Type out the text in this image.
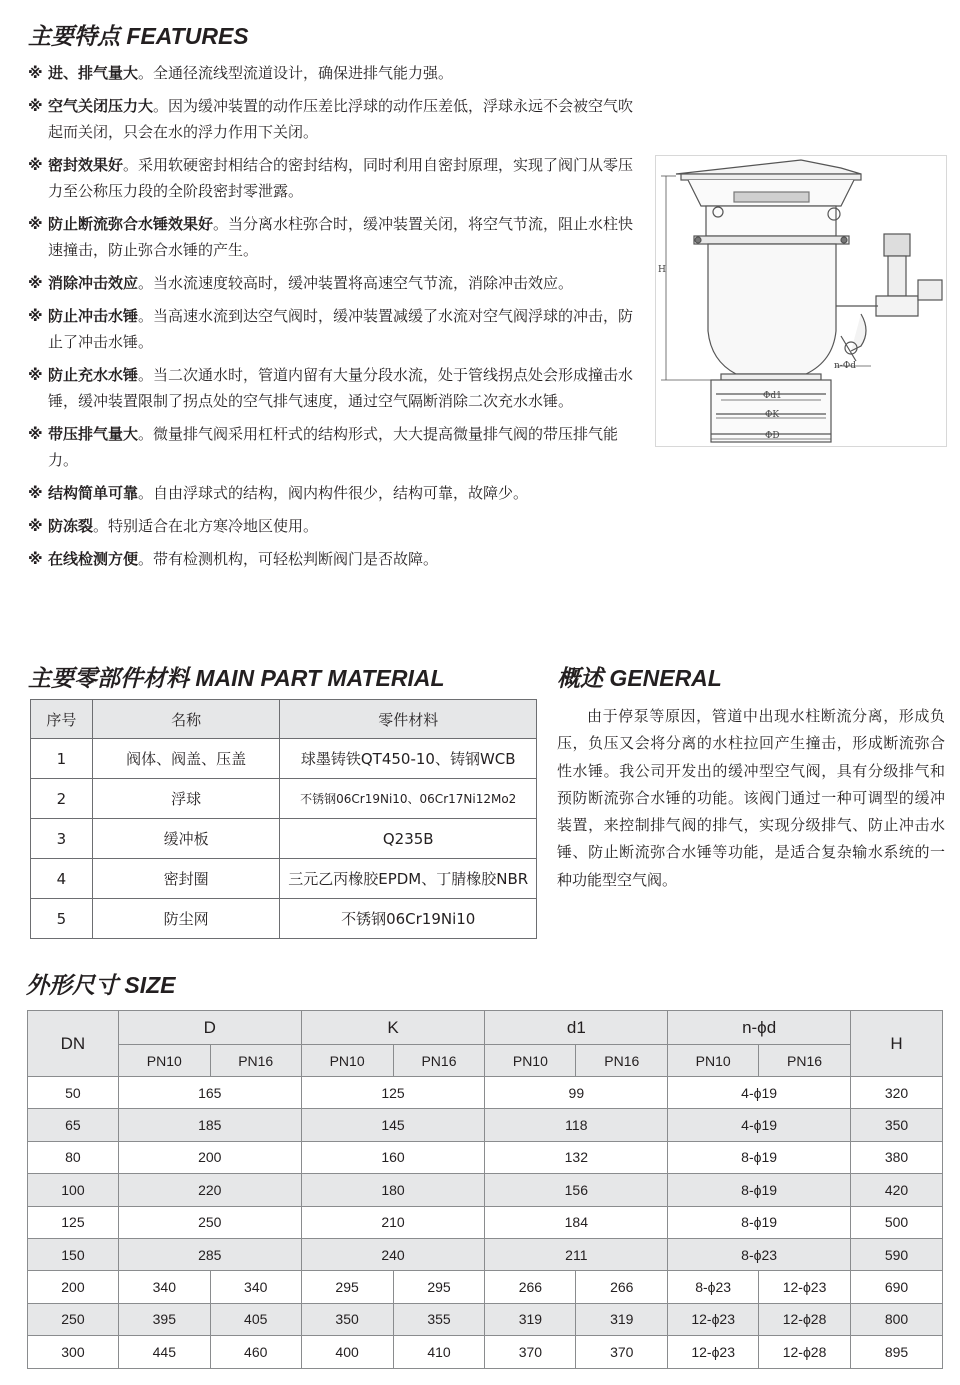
主要特点 FEATURES
※ 进、排气量大。全通径流线型流道设计，确保进排气能力强。
※ 空气关闭压力大。因为缓冲装置的动作压差比浮球的动作压差低，浮球永远不会被空气吹起而关闭，只会在水的浮力作用下关闭。
※ 密封效果好。采用软硬密封相结合的密封结构，同时利用自密封原理，实现了阀门从零压力至公称压力段的全阶段密封零泄露。
※ 防止断流弥合水锤效果好。当分离水柱弥合时，缓冲装置关闭，将空气节流，阻止水柱快速撞击，防止弥合水锤的产生。
※ 消除冲击效应。当水流速度较高时，缓冲装置将高速空气节流，消除冲击效应。
※ 防止冲击水锤。当高速水流到达空气阀时，缓冲装置减缓了水流对空气阀浮球的冲击，防止了冲击水锤。
※ 防止充水水锤。当二次通水时，管道内留有大量分段水流，处于管线拐点处会形成撞击水锤，缓冲装置限制了拐点处的空气排气速度，通过空气隔断消除二次充水水锤。
※ 带压排气量大。微量排气阀采用杠杆式的结构形式，大大提高微量排气阀的带压排气能力。
※ 结构简单可靠。自由浮球式的结构，阀内构件很少，结构可靠，故障少。
※ 防冻裂。特别适合在北方寒冷地区使用。
※ 在线检测方便。带有检测机构，可轻松判断阀门是否故障。
H
n-Φd
Φd1
ΦK
ΦD
主要零部件材料 MAIN PART MATERIAL
序号	名称	零件材料
1	阀体、阀盖、压盖	球墨铸铁QT450-10、铸钢WCB
2	浮球	不锈钢06Cr19Ni10、06Cr17Ni12Mo2
3	缓冲板	Q235B
4	密封圈	三元乙丙橡胶EPDM、丁腈橡胶NBR
5	防尘网	不锈钢06Cr19Ni10
概述 GENERAL
由于停泵等原因，管道中出现水柱断流分离，形成负压，负压又会将分离的水柱拉回产生撞击，形成断流弥合性水锤。我公司开发出的缓冲型空气阀，具有分级排气和预防断流弥合水锤的功能。该阀门通过一种可调型的缓冲装置，来控制排气阀的排气，实现分级排气、防止冲击水锤、防止断流弥合水锤等功能，是适合复杂输水系统的一种功能型空气阀。
外形尺寸 SIZE
DN	D		K		d1		n-ϕd		H
	PN10	PN16	PN10	PN16	PN10	PN16	PN10	PN16	
50	165		125		99		4-ϕ19		320
65	185		145		118		4-ϕ19		350
80	200		160		132		8-ϕ19		380
100	220		180		156		8-ϕ19		420
125	250		210		184		8-ϕ19		500
150	285		240		211		8-ϕ23		590
200	340	340	295	295	266	266	8-ϕ23	12-ϕ23	690
250	395	405	350	355	319	319	12-ϕ23	12-ϕ28	800
300	445	460	400	410	370	370	12-ϕ23	12-ϕ28	895
